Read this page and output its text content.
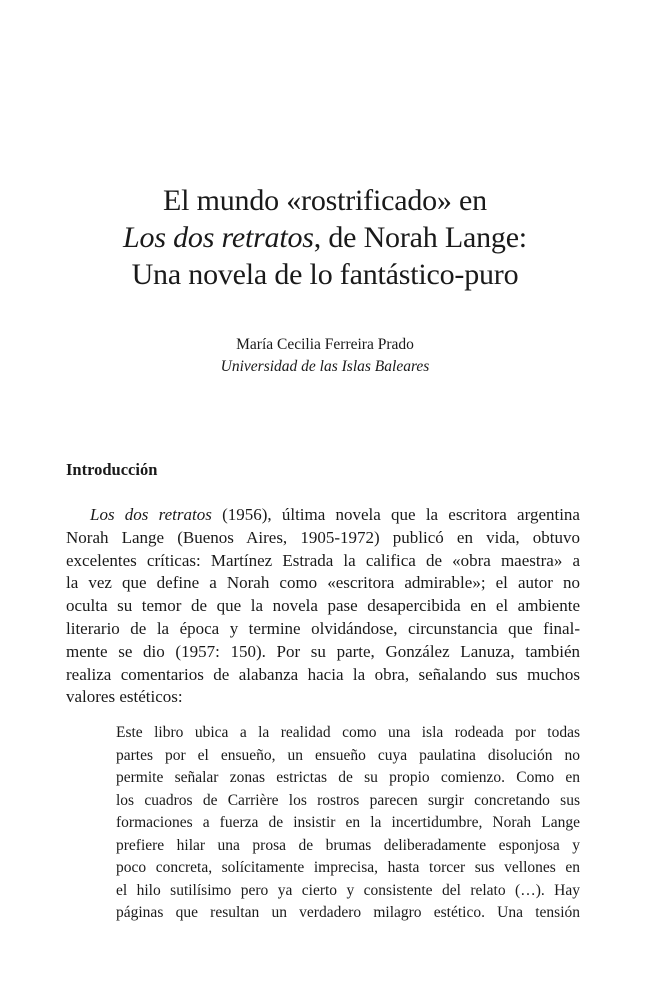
El mundo «rostrificado» en
Los dos retratos, de Norah Lange:
Una novela de lo fantástico-puro
María Cecilia Ferreira Prado
Universidad de las Islas Baleares
Introducción
Los dos retratos (1956), última novela que la escritora argentina
Norah Lange (Buenos Aires, 1905-1972) publicó en vida, obtuvo
excelentes críticas: Martínez Estrada la califica de «obra maestra» a
la vez que define a Norah como «escritora admirable»; el autor no
oculta su temor de que la novela pase desapercibida en el ambiente
literario de la época y termine olvidándose, circunstancia que final-
mente se dio (1957: 150). Por su parte, González Lanuza, también
realiza comentarios de alabanza hacia la obra, señalando sus muchos
valores estéticos:
Este libro ubica a la realidad como una isla rodeada por todas
partes por el ensueño, un ensueño cuya paulatina disolución no
permite señalar zonas estrictas de su propio comienzo. Como en
los cuadros de Carrière los rostros parecen surgir concretando sus
formaciones a fuerza de insistir en la incertidumbre, Norah Lange
prefiere hilar una prosa de brumas deliberadamente esponjosa y
poco concreta, solícitamente imprecisa, hasta torcer sus vellones en
el hilo sutilísimo pero ya cierto y consistente del relato (…). Hay
páginas que resultan un verdadero milagro estético. Una tensión
